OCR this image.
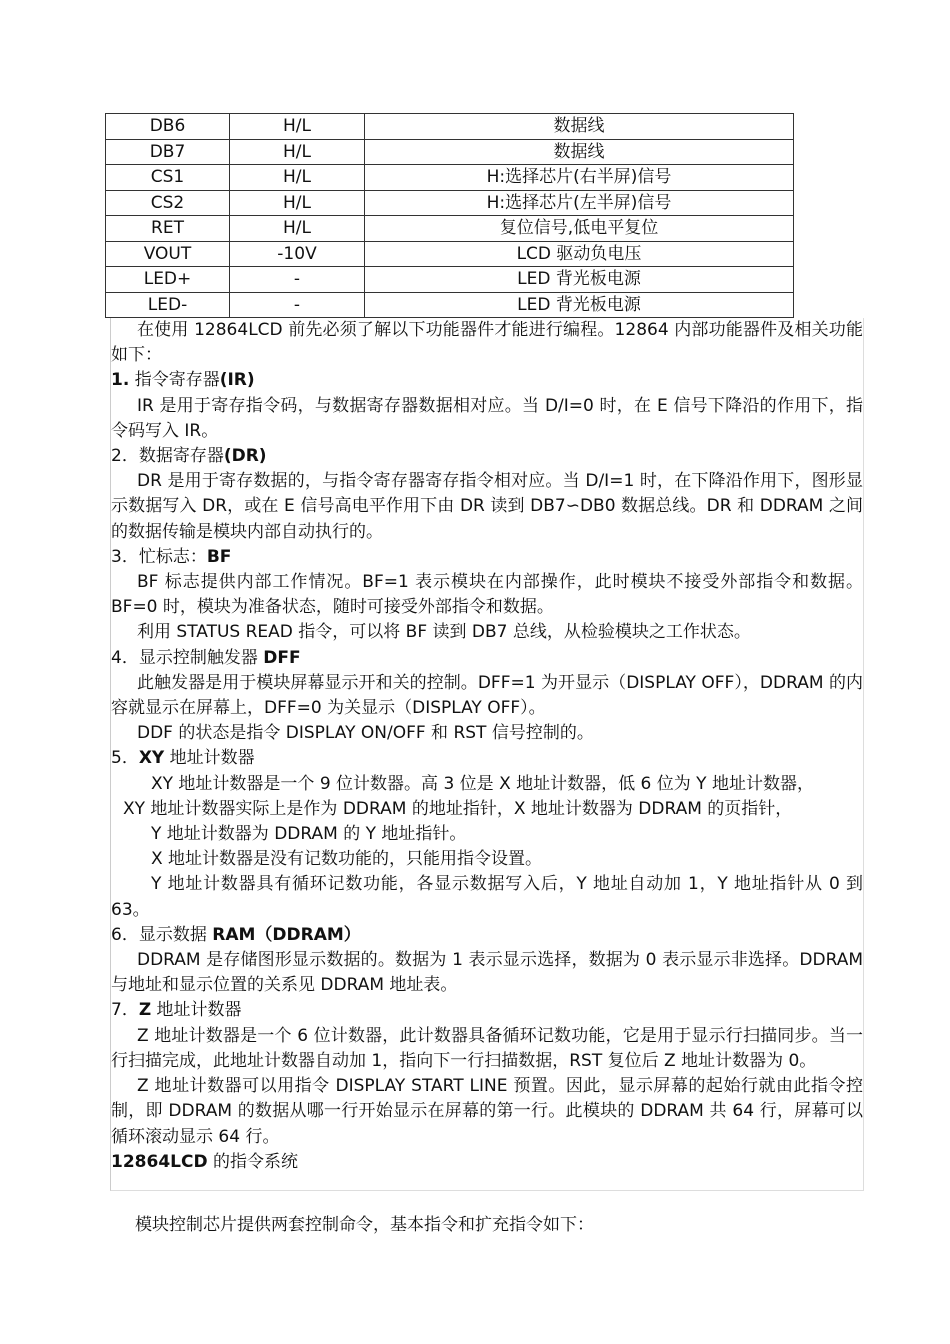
DB6	H/L	数据线
DB7	H/L	数据线
CS1	H/L	H:选择芯片(右半屏)信号
CS2	H/L	H:选择芯片(左半屏)信号
RET	H/L	复位信号,低电平复位
VOUT	-10V	LCD 驱动负电压
LED+	-	LED 背光板电源
LED-	-	LED 背光板电源

在使用 12864LCD 前先必须了解以下功能器件才能进行编程。12864 内部功能器件及相关功能如下：

1. 指令寄存器(IR)

IR 是用于寄存指令码，与数据寄存器数据相对应。当 D/I=0 时，在 E 信号下降沿的作用下，指令码写入 IR。

2．数据寄存器(DR)

DR 是用于寄存数据的，与指令寄存器寄存指令相对应。当 D/I=1 时，在下降沿作用下，图形显示数据写入 DR，或在 E 信号高电平作用下由 DR 读到 DB7∽DB0 数据总线。DR 和 DDRAM 之间的数据传输是模块内部自动执行的。

3．忙标志：BF

BF 标志提供内部工作情况。BF=1 表示模块在内部操作，此时模块不接受外部指令和数据。BF=0 时，模块为准备状态，随时可接受外部指令和数据。

利用 STATUS READ 指令，可以将 BF 读到 DB7 总线，从检验模块之工作状态。

4．显示控制触发器 DFF

此触发器是用于模块屏幕显示开和关的控制。DFF=1 为开显示（DISPLAY OFF），DDRAM 的内容就显示在屏幕上，DFF=0 为关显示（DISPLAY OFF）。

DDF 的状态是指令 DISPLAY ON/OFF 和 RST 信号控制的。

5．XY 地址计数器

XY 地址计数器是一个 9 位计数器。高 3 位是 X 地址计数器，低 6 位为 Y 地址计数器，

XY 地址计数器实际上是作为 DDRAM 的地址指针，X 地址计数器为 DDRAM 的页指针，

Y 地址计数器为 DDRAM 的 Y 地址指针。

X 地址计数器是没有记数功能的，只能用指令设置。

Y 地址计数器具有循环记数功能，各显示数据写入后，Y 地址自动加 1，Y 地址指针从 0 到 63。

6．显示数据 RAM（DDRAM）

DDRAM 是存储图形显示数据的。数据为 1 表示显示选择，数据为 0 表示显示非选择。DDRAM 与地址和显示位置的关系见 DDRAM 地址表。

7．Z 地址计数器

Z 地址计数器是一个 6 位计数器，此计数器具备循环记数功能，它是用于显示行扫描同步。当一行扫描完成，此地址计数器自动加 1，指向下一行扫描数据，RST 复位后 Z 地址计数器为 0。

Z 地址计数器可以用指令 DISPLAY START LINE 预置。因此，显示屏幕的起始行就由此指令控制，即 DDRAM 的数据从哪一行开始显示在屏幕的第一行。此模块的 DDRAM 共 64 行，屏幕可以循环滚动显示 64 行。

12864LCD 的指令系统

模块控制芯片提供两套控制命令，基本指令和扩充指令如下：
